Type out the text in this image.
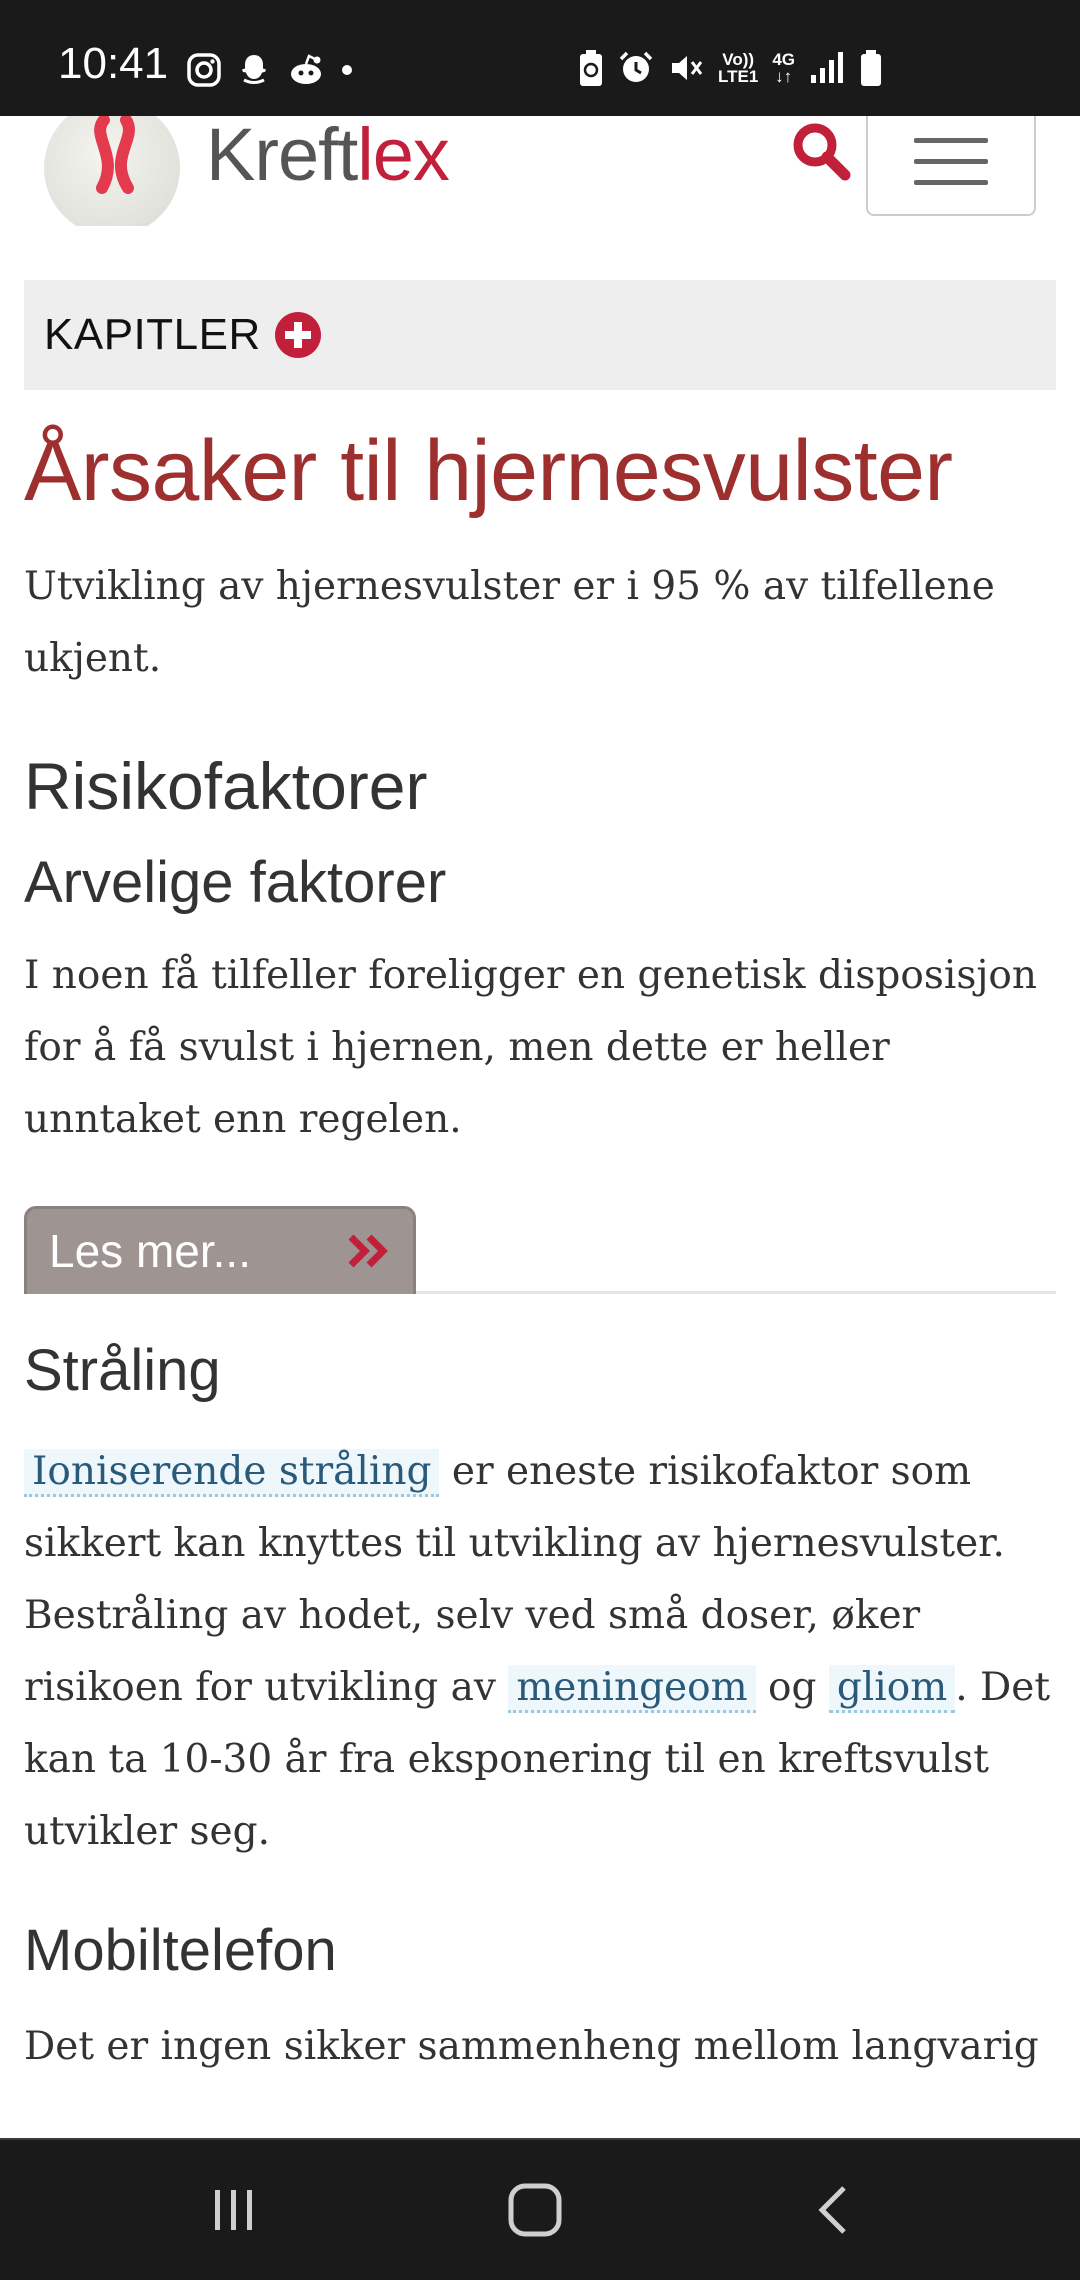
10:41	Vo))
LTE1
4G
↓↑
Kreftlex
KAPITLER
Årsaker til hjernesvulster

Utvikling av hjernesvulster er i 95 % av tilfellene ukjent.

Risikofaktorer
Arvelige faktorer

I noen få tilfeller foreligger en genetisk disposisjon for å få svulst i hjernen, men dette er heller unntaket enn regelen.

Les mer...
Stråling

Ioniserende stråling er eneste risikofaktor som sikkert kan knyttes til utvikling av hjernesvulster. Bestråling av hodet, selv ved små doser, øker risikoen for utvikling av meningeom og gliom . Det kan ta 10-30 år fra eksponering til en kreftsvulst utvikler seg.

Mobiltelefon

Det er ingen sikker sammenheng mellom langvarig
